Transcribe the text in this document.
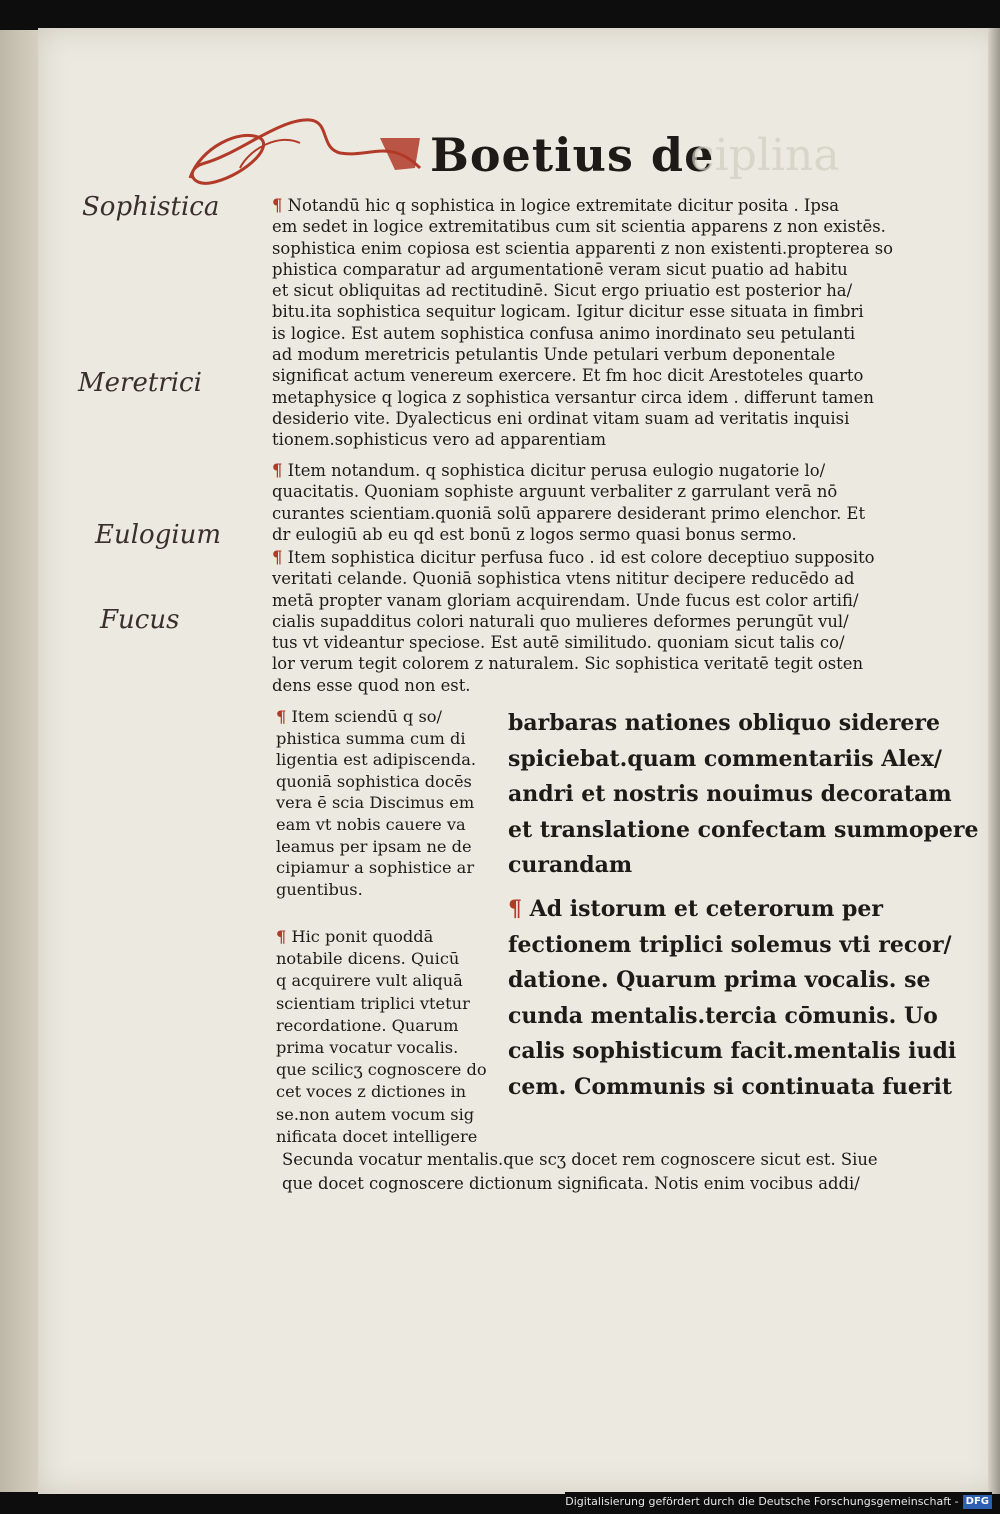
Boetius de
ciplina
Sophistica
Meretrici
Eulogium
Fucus
¶ Notandū hic q sophistica in logice extremitate dicitur posita . Ipsa
em sedet in logice extremitatibus cum sit scientia apparens z non existēs.
sophistica enim copiosa est scientia apparenti z non existenti.propterea so
phistica comparatur ad argumentationē veram sicut puatio ad habitu
et sicut obliquitas ad rectitudinē. Sicut ergo priuatio est posterior ha/
bitu.ita sophistica sequitur logicam. Igitur dicitur esse situata in fimbri
is logice. Est autem sophistica confusa animo inordinato seu petulanti
ad modum meretricis petulantis Unde petulari verbum deponentale
significat actum venereum exercere. Et fm hoc dicit Arestoteles quarto
metaphysice q logica z sophistica versantur circa idem . differunt tamen
desiderio vite. Dyalecticus eni ordinat vitam suam ad veritatis inquisi
tionem.sophisticus vero ad apparentiam
¶ Item notandum. q sophistica dicitur perusa eulogio nugatorie lo/
quacitatis. Quoniam sophiste arguunt verbaliter z garrulant verā nō
curantes scientiam.quoniā solū apparere desiderant primo elenchor. Et
dr eulogiū ab eu qd est bonū z logos sermo quasi bonus sermo.
¶ Item sophistica dicitur perfusa fuco . id est colore deceptiuo supposito
veritati celande. Quoniā sophistica vtens nititur decipere reducēdo ad
metā propter vanam gloriam acquirendam. Unde fucus est color artifi/
cialis supadditus colori naturali quo mulieres deformes perungūt vul/
tus vt videantur speciose. Est autē similitudo. quoniam sicut talis co/
lor verum tegit colorem z naturalem. Sic sophistica veritatē tegit osten
dens esse quod non est.
¶ Item sciendū q so/
phistica summa cum di
ligentia est adipiscenda.
quoniā sophistica docēs
vera ē scia Discimus em
eam vt nobis cauere va
leamus per ipsam ne de
cipiamur a sophistice ar
guentibus.
¶ Hic ponit quoddā
notabile dicens. Quicū
q acquirere vult aliquā
scientiam triplici vtetur
recordatione. Quarum
prima vocatur vocalis.
que scilicʒ cognoscere do
cet voces z dictiones in
se.non autem vocum sig
nificata docet intelligere
barbaras nationes obliquo siderere
spiciebat.quam commentariis Alex/
andri et nostris nouimus decoratam
et translatione confectam summopere
curandam
¶ Ad istorum et ceterorum per
fectionem triplici solemus vti recor/
datione. Quarum prima vocalis. se
cunda mentalis.tercia cōmunis. Uo
calis sophisticum facit.mentalis iudi
cem. Communis si continuata fuerit
Secunda vocatur mentalis.que scʒ docet rem cognoscere sicut est. Siue
que docet cognoscere dictionum significata. Notis enim vocibus addi/
Digitalisierung gefördert durch die Deutsche Forschungsgemeinschaft - DFG
